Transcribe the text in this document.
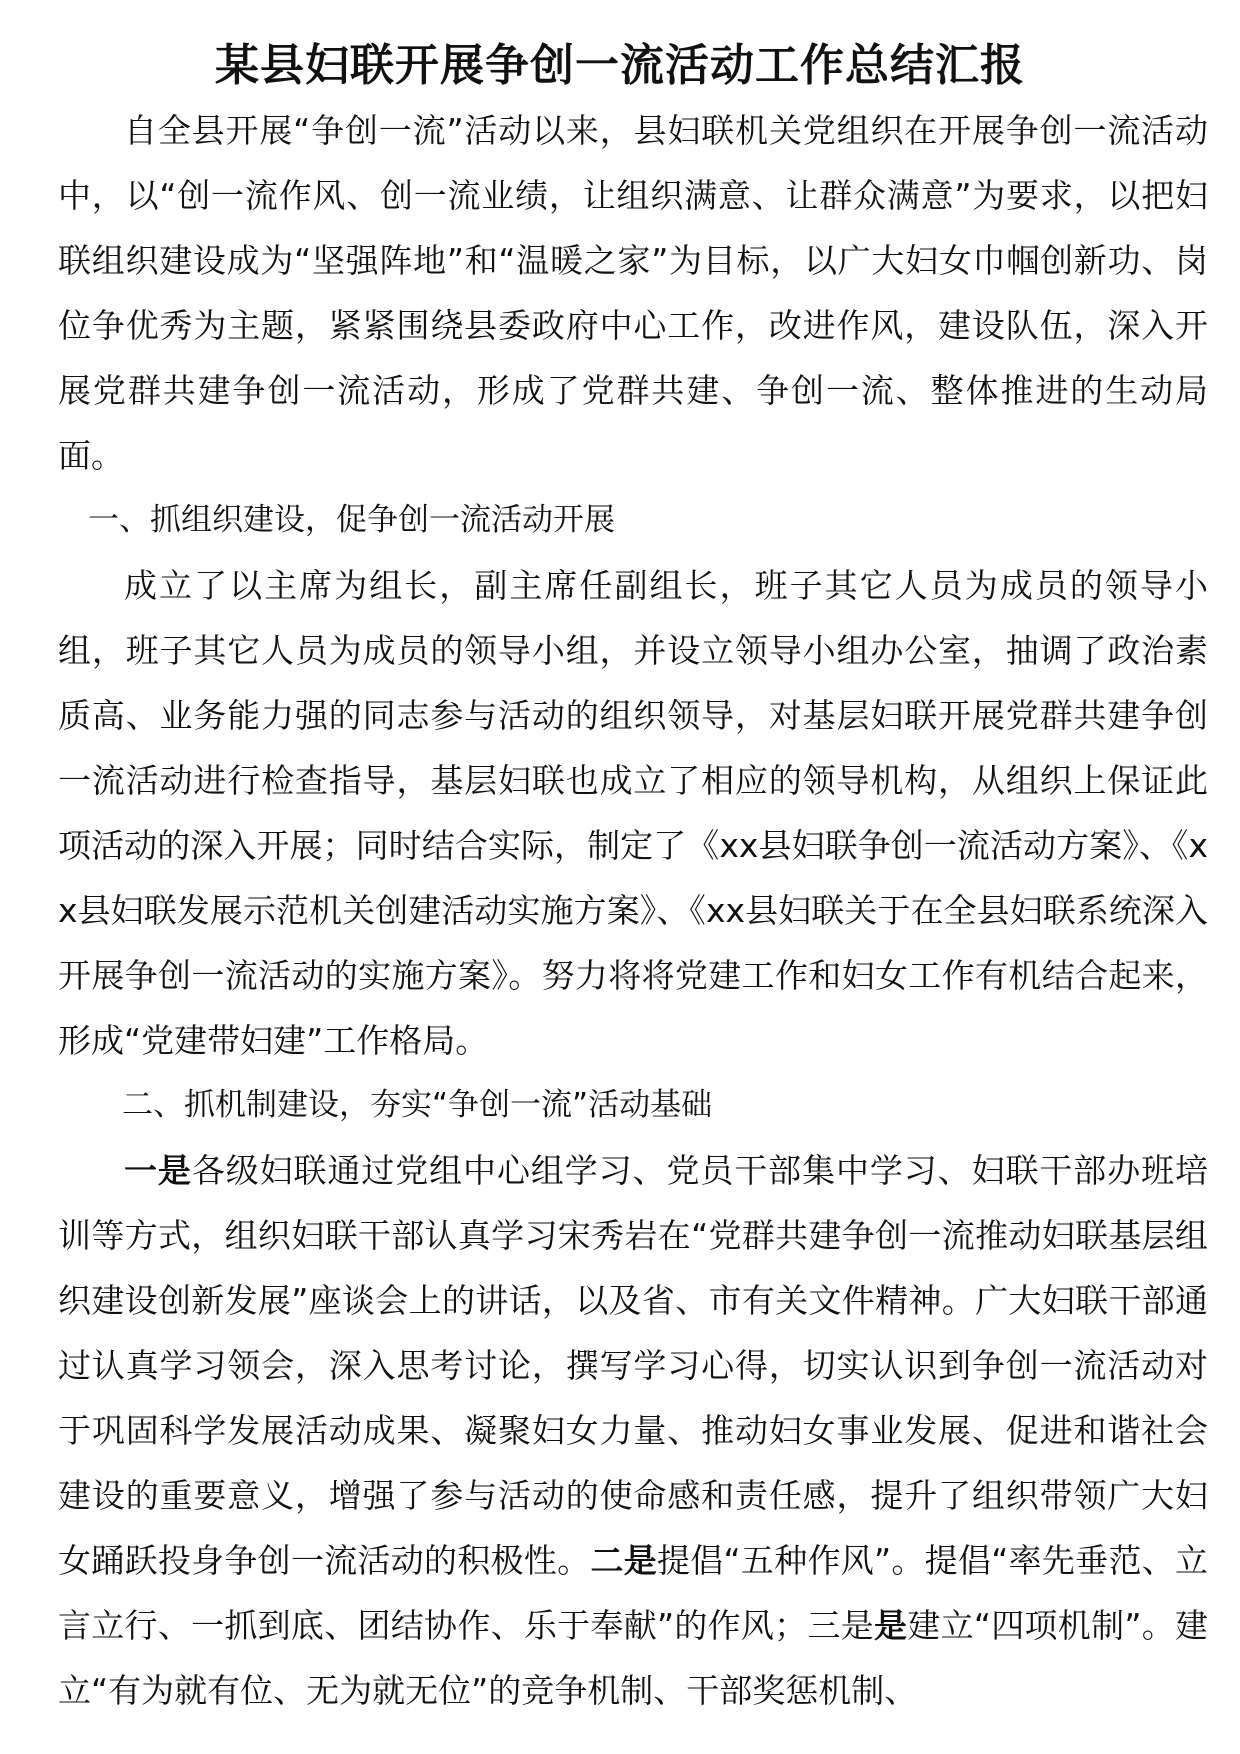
某县妇联开展争创一流活动工作总结汇报

自全县开展“争创一流”活动以来，县妇联机关党组织在开展争创一流活动中，以“创一流作风、创一流业绩，让组织满意、让群众满意”为要求，以把妇联组织建设成为“坚强阵地”和“温暖之家”为目标，以广大妇女巾帼创新功、岗位争优秀为主题，紧紧围绕县委政府中心工作，改进作风，建设队伍，深入开展党群共建争创一流活动，形成了党群共建、争创一流、整体推进的生动局面。

一、抓组织建设，促争创一流活动开展

成立了以主席为组长，副主席任副组长，班子其它人员为成员的领导小组，班子其它人员为成员的领导小组，并设立领导小组办公室，抽调了政治素质高、业务能力强的同志参与活动的组织领导，对基层妇联开展党群共建争创一流活动进行检查指导，基层妇联也成立了相应的领导机构，从组织上保证此项活动的深入开展；同时结合实际，制定了《xx县妇联争创一流活动方案》、《xx县妇联发展示范机关创建活动实施方案》、《xx县妇联关于在全县妇联系统深入开展争创一流活动的实施方案》。努力将将党建工作和妇女工作有机结合起来，形成“党建带妇建”工作格局。

二、抓机制建设，夯实“争创一流”活动基础

一是各级妇联通过党组中心组学习、党员干部集中学习、妇联干部办班培训等方式，组织妇联干部认真学习宋秀岩在“党群共建争创一流推动妇联基层组织建设创新发展”座谈会上的讲话，以及省、市有关文件精神。广大妇联干部通过认真学习领会，深入思考讨论，撰写学习心得，切实认识到争创一流活动对于巩固科学发展活动成果、凝聚妇女力量、推动妇女事业发展、促进和谐社会建设的重要意义，增强了参与活动的使命感和责任感，提升了组织带领广大妇女踊跃投身争创一流活动的积极性。二是提倡“五种作风”。提倡“率先垂范、立言立行、一抓到底、团结协作、乐于奉献”的作风；三是是建立“四项机制”。建立“有为就有位、无为就无位”的竞争机制、干部奖惩机制、
